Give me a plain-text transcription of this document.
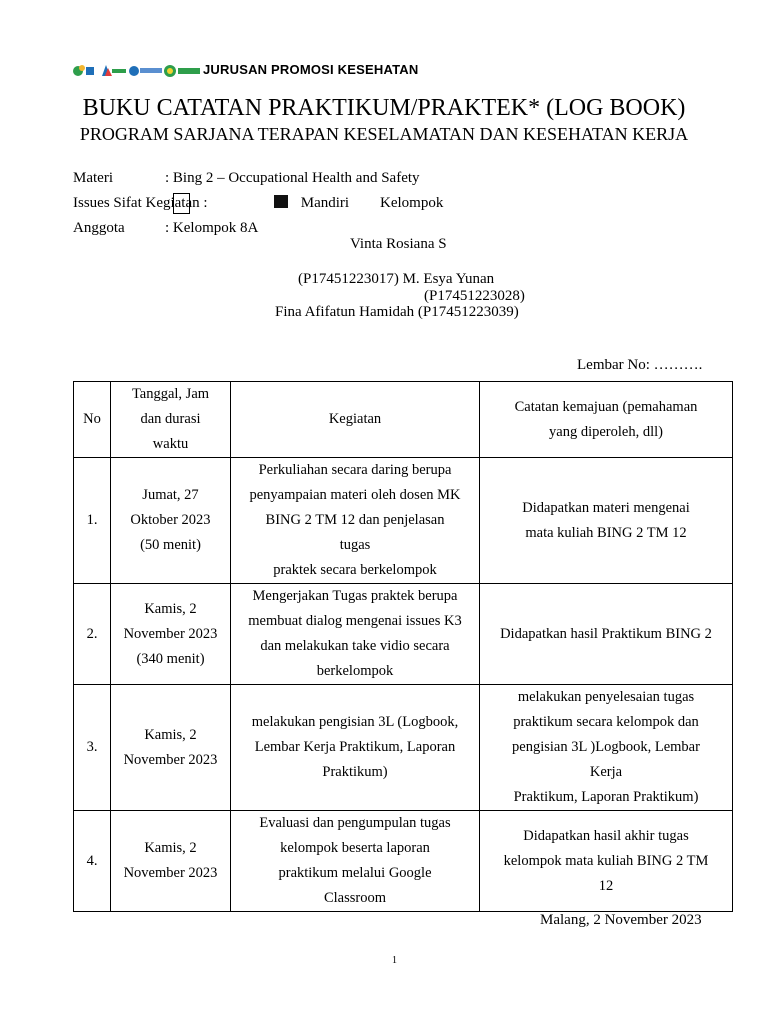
JURUSAN PROMOSI KESEHATAN
BUKU CATATAN PRAKTIKUM/PRAKTEK* (LOG BOOK)
PROGRAM SARJANA TERAPAN KESELAMATAN DAN KESEHATAN KERJA
Materi	: Bing 2 – Occupational Health and Safety
Issues Sifat Kegiatan :	Mandiri Kelompok
Anggota	: Kelompok 8A
Vinta Rosiana S
(P17451223017) M. Esya Yunan
(P17451223028)
Fina Afifatun Hamidah (P17451223039)
Lembar No: ……….
No	Tanggal, Jam
dan durasi
waktu	Kegiatan	Catatan kemajuan (pemahaman
yang diperoleh, dll)
1.	Jumat, 27
Oktober 2023
(50 menit)	Perkuliahan secara daring berupa
penyampaian materi oleh dosen MK
BING 2 TM 12 dan penjelasan
tugas
praktek secara berkelompok	Didapatkan materi mengenai
mata kuliah BING 2 TM 12
2.	Kamis, 2
November 2023
(340 menit)	Mengerjakan Tugas praktek berupa
membuat dialog mengenai issues K3
dan melakukan take vidio secara
berkelompok	Didapatkan hasil Praktikum BING 2
3.	Kamis, 2
November 2023	melakukan pengisian 3L (Logbook,
Lembar Kerja Praktikum, Laporan
Praktikum)	melakukan penyelesaian tugas
praktikum secara kelompok dan
pengisian 3L )Logbook, Lembar
Kerja
Praktikum, Laporan Praktikum)
4.	Kamis, 2
November 2023	Evaluasi dan pengumpulan tugas
kelompok beserta laporan
praktikum melalui Google
Classroom	Didapatkan hasil akhir tugas
kelompok mata kuliah BING 2 TM
12
Malang, 2 November 2023
1
